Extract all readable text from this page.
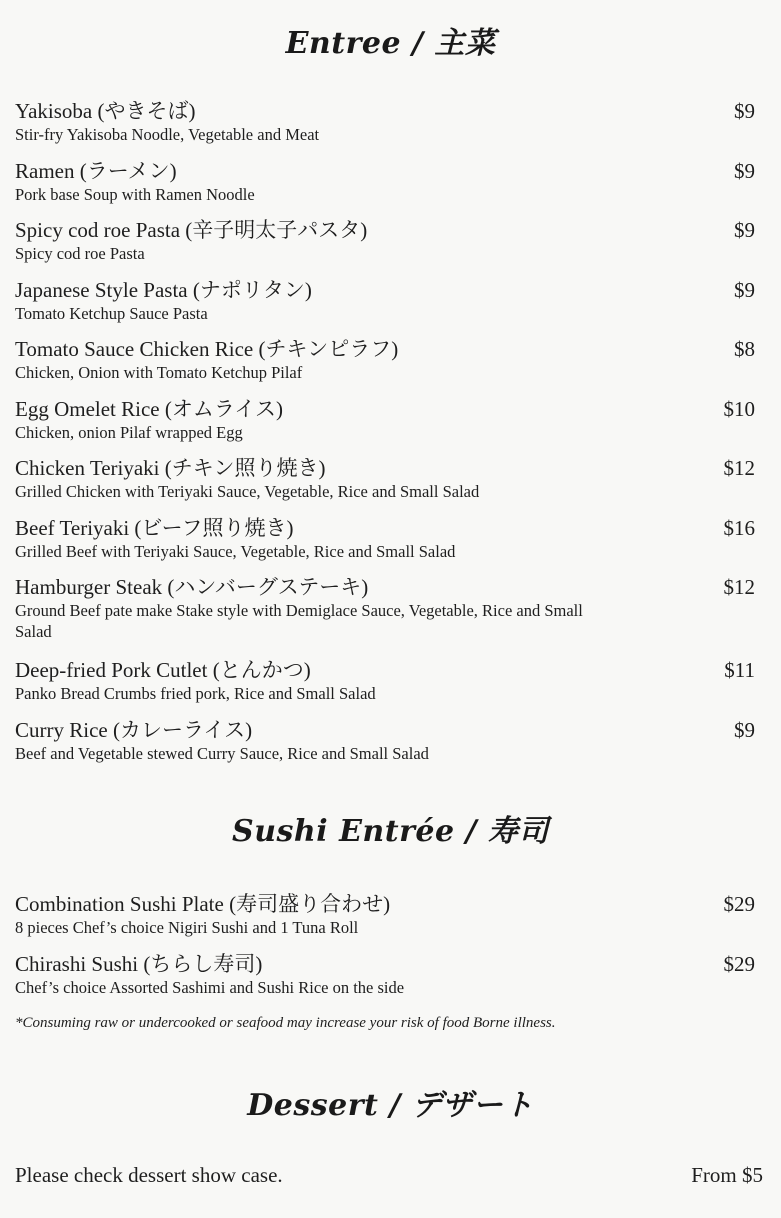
Entree / 主菜
Yakisoba (やきそば)
Stir-fry Yakisoba Noodle, Vegetable and Meat
$9
Ramen (ラーメン)
Pork base Soup with Ramen Noodle
$9
Spicy cod roe Pasta (辛子明太子パスタ)
Spicy cod roe Pasta
$9
Japanese Style Pasta (ナポリタン)
Tomato Ketchup Sauce Pasta
$9
Tomato Sauce Chicken Rice (チキンピラフ)
Chicken, Onion with Tomato Ketchup Pilaf
$8
Egg Omelet Rice (オムライス)
Chicken, onion Pilaf wrapped Egg
$10
Chicken Teriyaki (チキン照り焼き)
Grilled Chicken with Teriyaki Sauce, Vegetable, Rice and Small Salad
$12
Beef Teriyaki (ビーフ照り焼き)
Grilled Beef with Teriyaki Sauce, Vegetable, Rice and Small Salad
$16
Hamburger Steak (ハンバーグステーキ)
Ground Beef pate make Stake style with Demiglace Sauce, Vegetable, Rice and Small Salad
$12
Deep-fried Pork Cutlet (とんかつ)
Panko Bread Crumbs fried pork, Rice and Small Salad
$11
Curry Rice (カレーライス)
Beef and Vegetable stewed Curry Sauce, Rice and Small Salad
$9
Sushi Entrée / 寿司
Combination Sushi Plate (寿司盛り合わせ)
8 pieces Chef’s choice Nigiri Sushi and 1 Tuna Roll
$29
Chirashi Sushi (ちらし寿司)
Chef’s choice Assorted Sashimi and Sushi Rice on the side
$29
*Consuming raw or undercooked or seafood may increase your risk of food Borne illness.
Dessert / デザート
Please check dessert show case.	From $5
